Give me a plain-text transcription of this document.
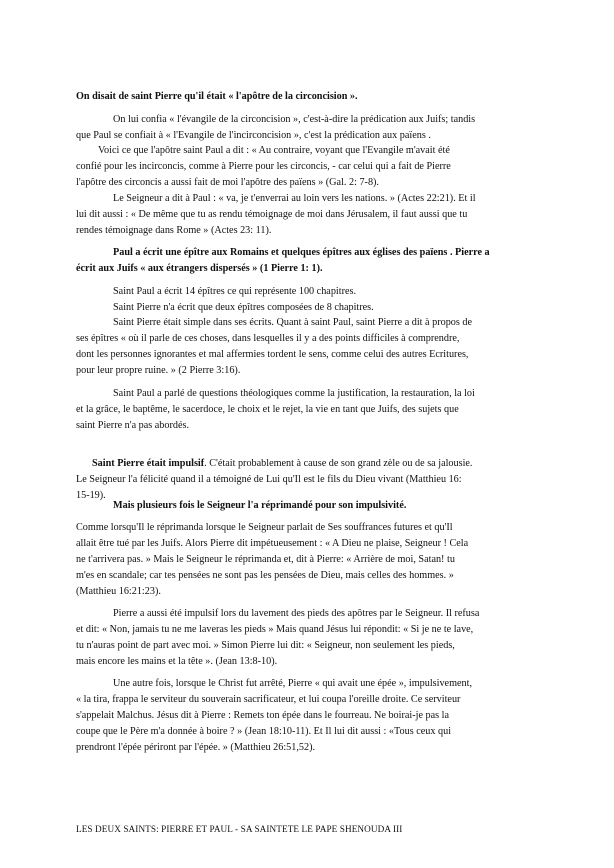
On disait de saint Pierre qu'il était « l'apôtre de la circoncision ».

On lui confia « l'évangile de la circoncision », c'est-à-dire la prédication aux Juifs; tandis

que Paul se confiait à « l'Evangile de l'incirconcision », c'est la prédication aux païens .

Voici ce que l'apôtre saint Paul a dit : « Au contraire, voyant que l'Evangile m'avait été

confié pour les incirconcis, comme à Pierre pour les circoncis, - car celui qui a fait de Pierre

l'apôtre des circoncis a aussi fait de moi l'apôtre des païens » (Gal. 2: 7-8).

Le Seigneur a dit à Paul : « va, je t'enverrai au loin vers les nations. » (Actes 22:21). Et il

lui dit aussi : « De même que tu as rendu témoignage de moi dans Jérusalem, il faut aussi que tu

rendes témoignage dans Rome » (Actes 23: 11).

Paul a écrit une épître aux Romains et quelques épîtres aux églises des païens . Pierre a

écrit aux Juifs « aux étrangers dispersés » (1 Pierre 1: 1).

Saint Paul a écrit 14 épîtres ce qui représente 100 chapitres.

Saint Pierre n'a écrit que deux épîtres composées de 8 chapitres.

Saint Pierre était simple dans ses écrits. Quant à saint Paul, saint Pierre a dit à propos de

ses épîtres « où il parle de ces choses, dans lesquelles il y a des points difficiles à comprendre,

dont les personnes ignorantes et mal affermies tordent le sens, comme celui des autres Ecritures,

pour leur propre ruine. » (2 Pierre 3:16).

Saint Paul a parlé de questions théologiques comme la justification, la restauration, la loi

et la grâce, le baptême, le sacerdoce, le choix et le rejet, la vie en tant que Juifs, des sujets que

saint Pierre n'a pas abordés.

Saint Pierre était impulsif. C'était probablement à cause de son grand zèle ou de sa jalousie.

Le Seigneur l'a félicité quand il a témoigné de Lui qu'Il est le fils du Dieu vivant (Matthieu 16:

15-19).

Mais plusieurs fois le Seigneur l'a réprimandé pour son impulsivité.

Comme lorsqu'Il le réprimanda lorsque le Seigneur parlait de Ses souffrances futures et qu'Il

allait être tué par les Juifs. Alors Pierre dit impétueusement : « A Dieu ne plaise, Seigneur ! Cela

ne t'arrivera pas. » Mais le Seigneur le réprimanda et, dit à Pierre: « Arrière de moi, Satan! tu

m'es en scandale; car tes pensées ne sont pas les pensées de Dieu, mais celles des hommes. »

(Matthieu 16:21:23).

Pierre a aussi été impulsif lors du lavement des pieds des apôtres par le Seigneur. Il refusa

et dit: « Non, jamais tu ne me laveras les pieds » Mais quand Jésus lui répondit: « Si je ne te lave,

tu n'auras point de part avec moi. » Simon Pierre lui dit: « Seigneur, non seulement les pieds,

mais encore les mains et la tête ». (Jean 13:8-10).

Une autre fois, lorsque le Christ fut arrêté, Pierre « qui avait une épée », impulsivement,

« la tira, frappa le serviteur du souverain sacrificateur, et lui coupa l'oreille droite. Ce serviteur

s'appelait Malchus. Jésus dit à Pierre : Remets ton épée dans le fourreau. Ne boirai-je pas la

coupe que le Père m'a donnée à boire ? » (Jean 18:10-11). Et Il lui dit aussi : «Tous ceux qui

prendront l'épée périront par l'épée. » (Matthieu 26:51,52).

LES DEUX SAINTS: PIERRE ET PAUL - SA SAINTETE LE PAPE SHENOUDA III
